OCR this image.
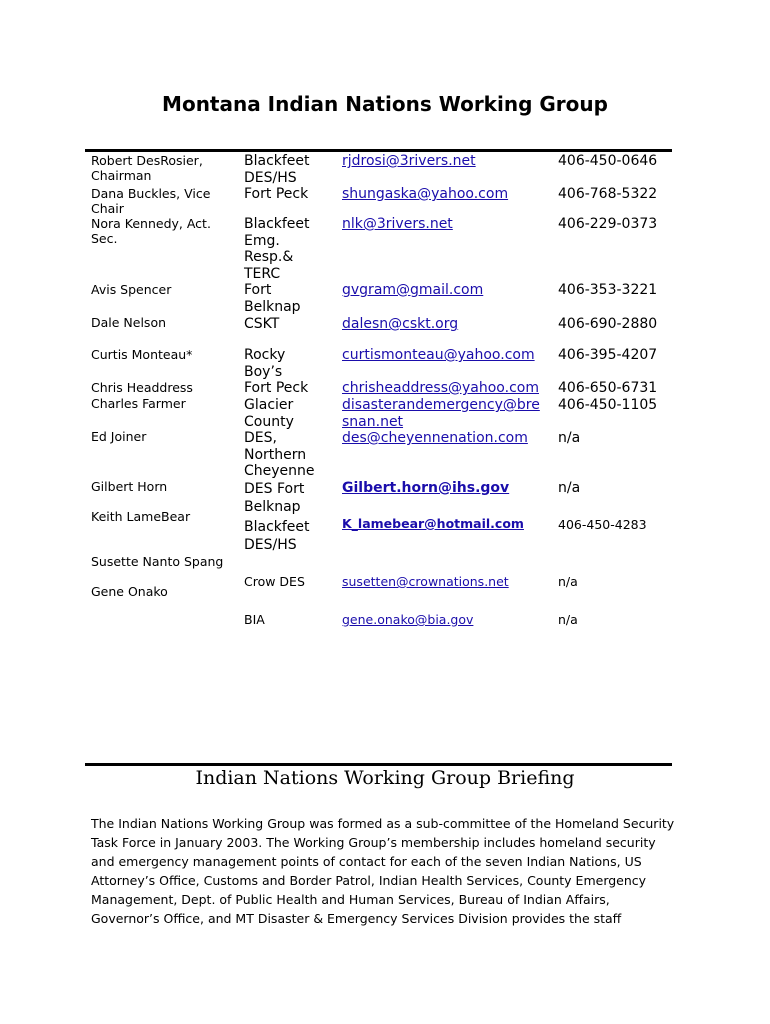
Montana Indian Nations Working Group
Robert DesRosier,
Chairman
Dana Buckles, Vice
Chair
Nora Kennedy, Act.
Sec.
Avis Spencer
Dale Nelson
Curtis Monteau*
Chris Headdress
Charles Farmer
Ed Joiner
Gilbert Horn
Keith LameBear
Susette Nanto Spang
Gene Onako
Blackfeet
DES/HS
Fort Peck
Blackfeet
Emg.
Resp.&
TERC
Fort
Belknap
CSKT
Rocky
Boy’s
Fort Peck
Glacier
County
DES,
Northern
Cheyenne
DES Fort
Belknap
Blackfeet
DES/HS
Crow DES
BIA
rjdrosi@3rivers.net
shungaska@yahoo.com
nlk@3rivers.net
gvgram@gmail.com
dalesn@cskt.org
curtismonteau@yahoo.com
chrisheaddress@yahoo.com
disasterandemergency@bre
snan.net
des@cheyennenation.com
Gilbert.horn@ihs.gov
K_lamebear@hotmail.com
susetten@crownations.net
gene.onako@bia.gov
406-450-0646
406-768-5322
406-229-0373
406-353-3221
406-690-2880
406-395-4207
406-650-6731
406-450-1105
n/a
n/a
406-450-4283
n/a
n/a
Indian Nations Working Group Briefing
The Indian Nations Working Group was formed as a sub-committee of the Homeland Security
Task Force in January 2003. The Working Group’s membership includes homeland security
and emergency management points of contact for each of the seven Indian Nations, US
Attorney’s Office, Customs and Border Patrol, Indian Health Services, County Emergency
Management, Dept. of Public Health and Human Services, Bureau of Indian Affairs,
Governor’s Office, and MT Disaster & Emergency Services Division provides the staff
